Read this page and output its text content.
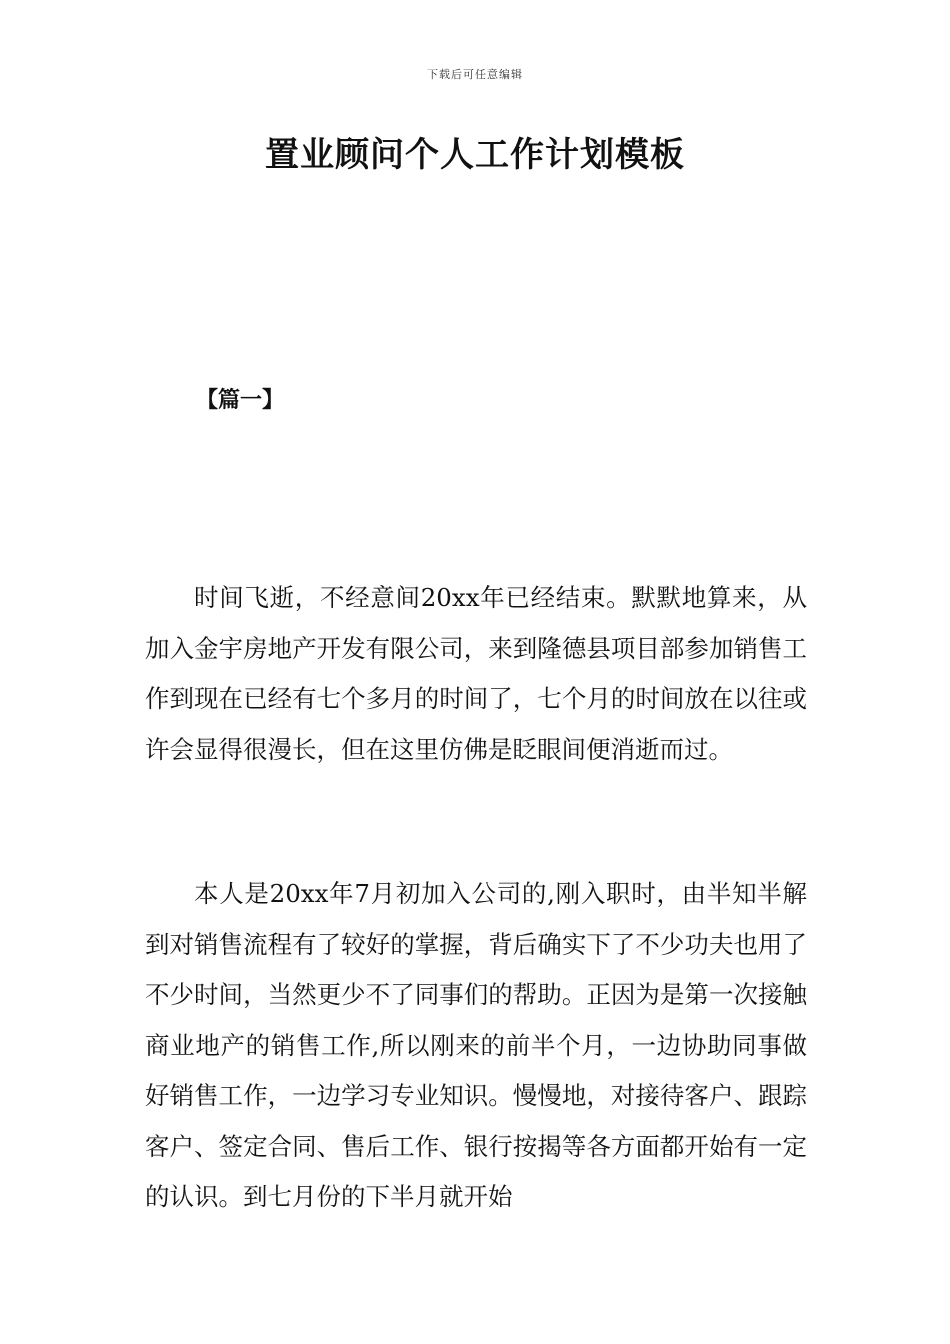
下载后可任意编辑
置业顾问个人工作计划模板
【篇一】

时间飞逝，不经意间20xx年已经结束。默默地算来，从加入金宇房地产开发有限公司，来到隆德县项目部参加销售工作到现在已经有七个多月的时间了，七个月的时间放在以往或许会显得很漫长，但在这里仿佛是眨眼间便消逝而过。

本人是20xx年7月初加入公司的,刚入职时，由半知半解到对销售流程有了较好的掌握，背后确实下了不少功夫也用了不少时间，当然更少不了同事们的帮助。正因为是第一次接触商业地产的销售工作,所以刚来的前半个月，一边协助同事做好销售工作，一边学习专业知识。慢慢地，对接待客户、跟踪客户、签定合同、售后工作、银行按揭等各方面都开始有一定的认识。到七月份的下半月就开始
